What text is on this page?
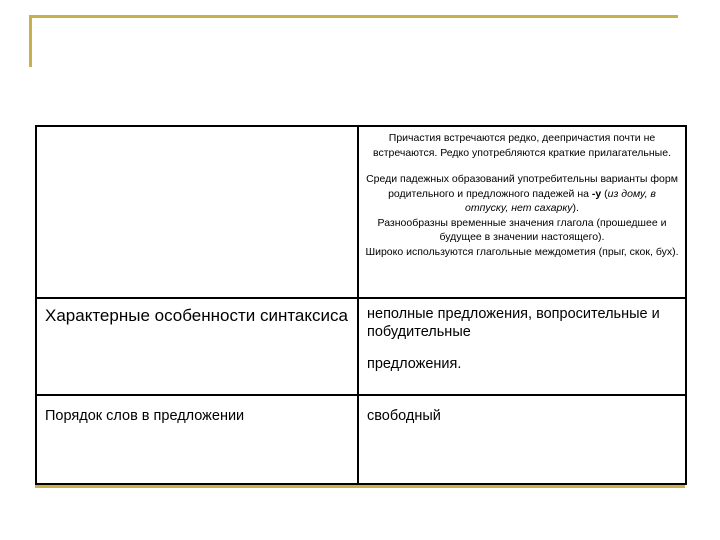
	Причастия встречаются редко, деепричастия почти не встречаются. Редко употребляются краткие прилагательные.

Среди падежных образований употребительны варианты форм родительного и предложного падежей на -у (из дому, в отпуску, нет сахарку).

Разнообразны временные значения глагола (прошедшее и будущее в значении настоящего).

Широко используются глагольные междометия (прыг, скок, бух).

Характерные особенности синтаксиса	неполные предложения, вопросительные и побудительные
предложения.

Порядок слов в предложении	свободный
